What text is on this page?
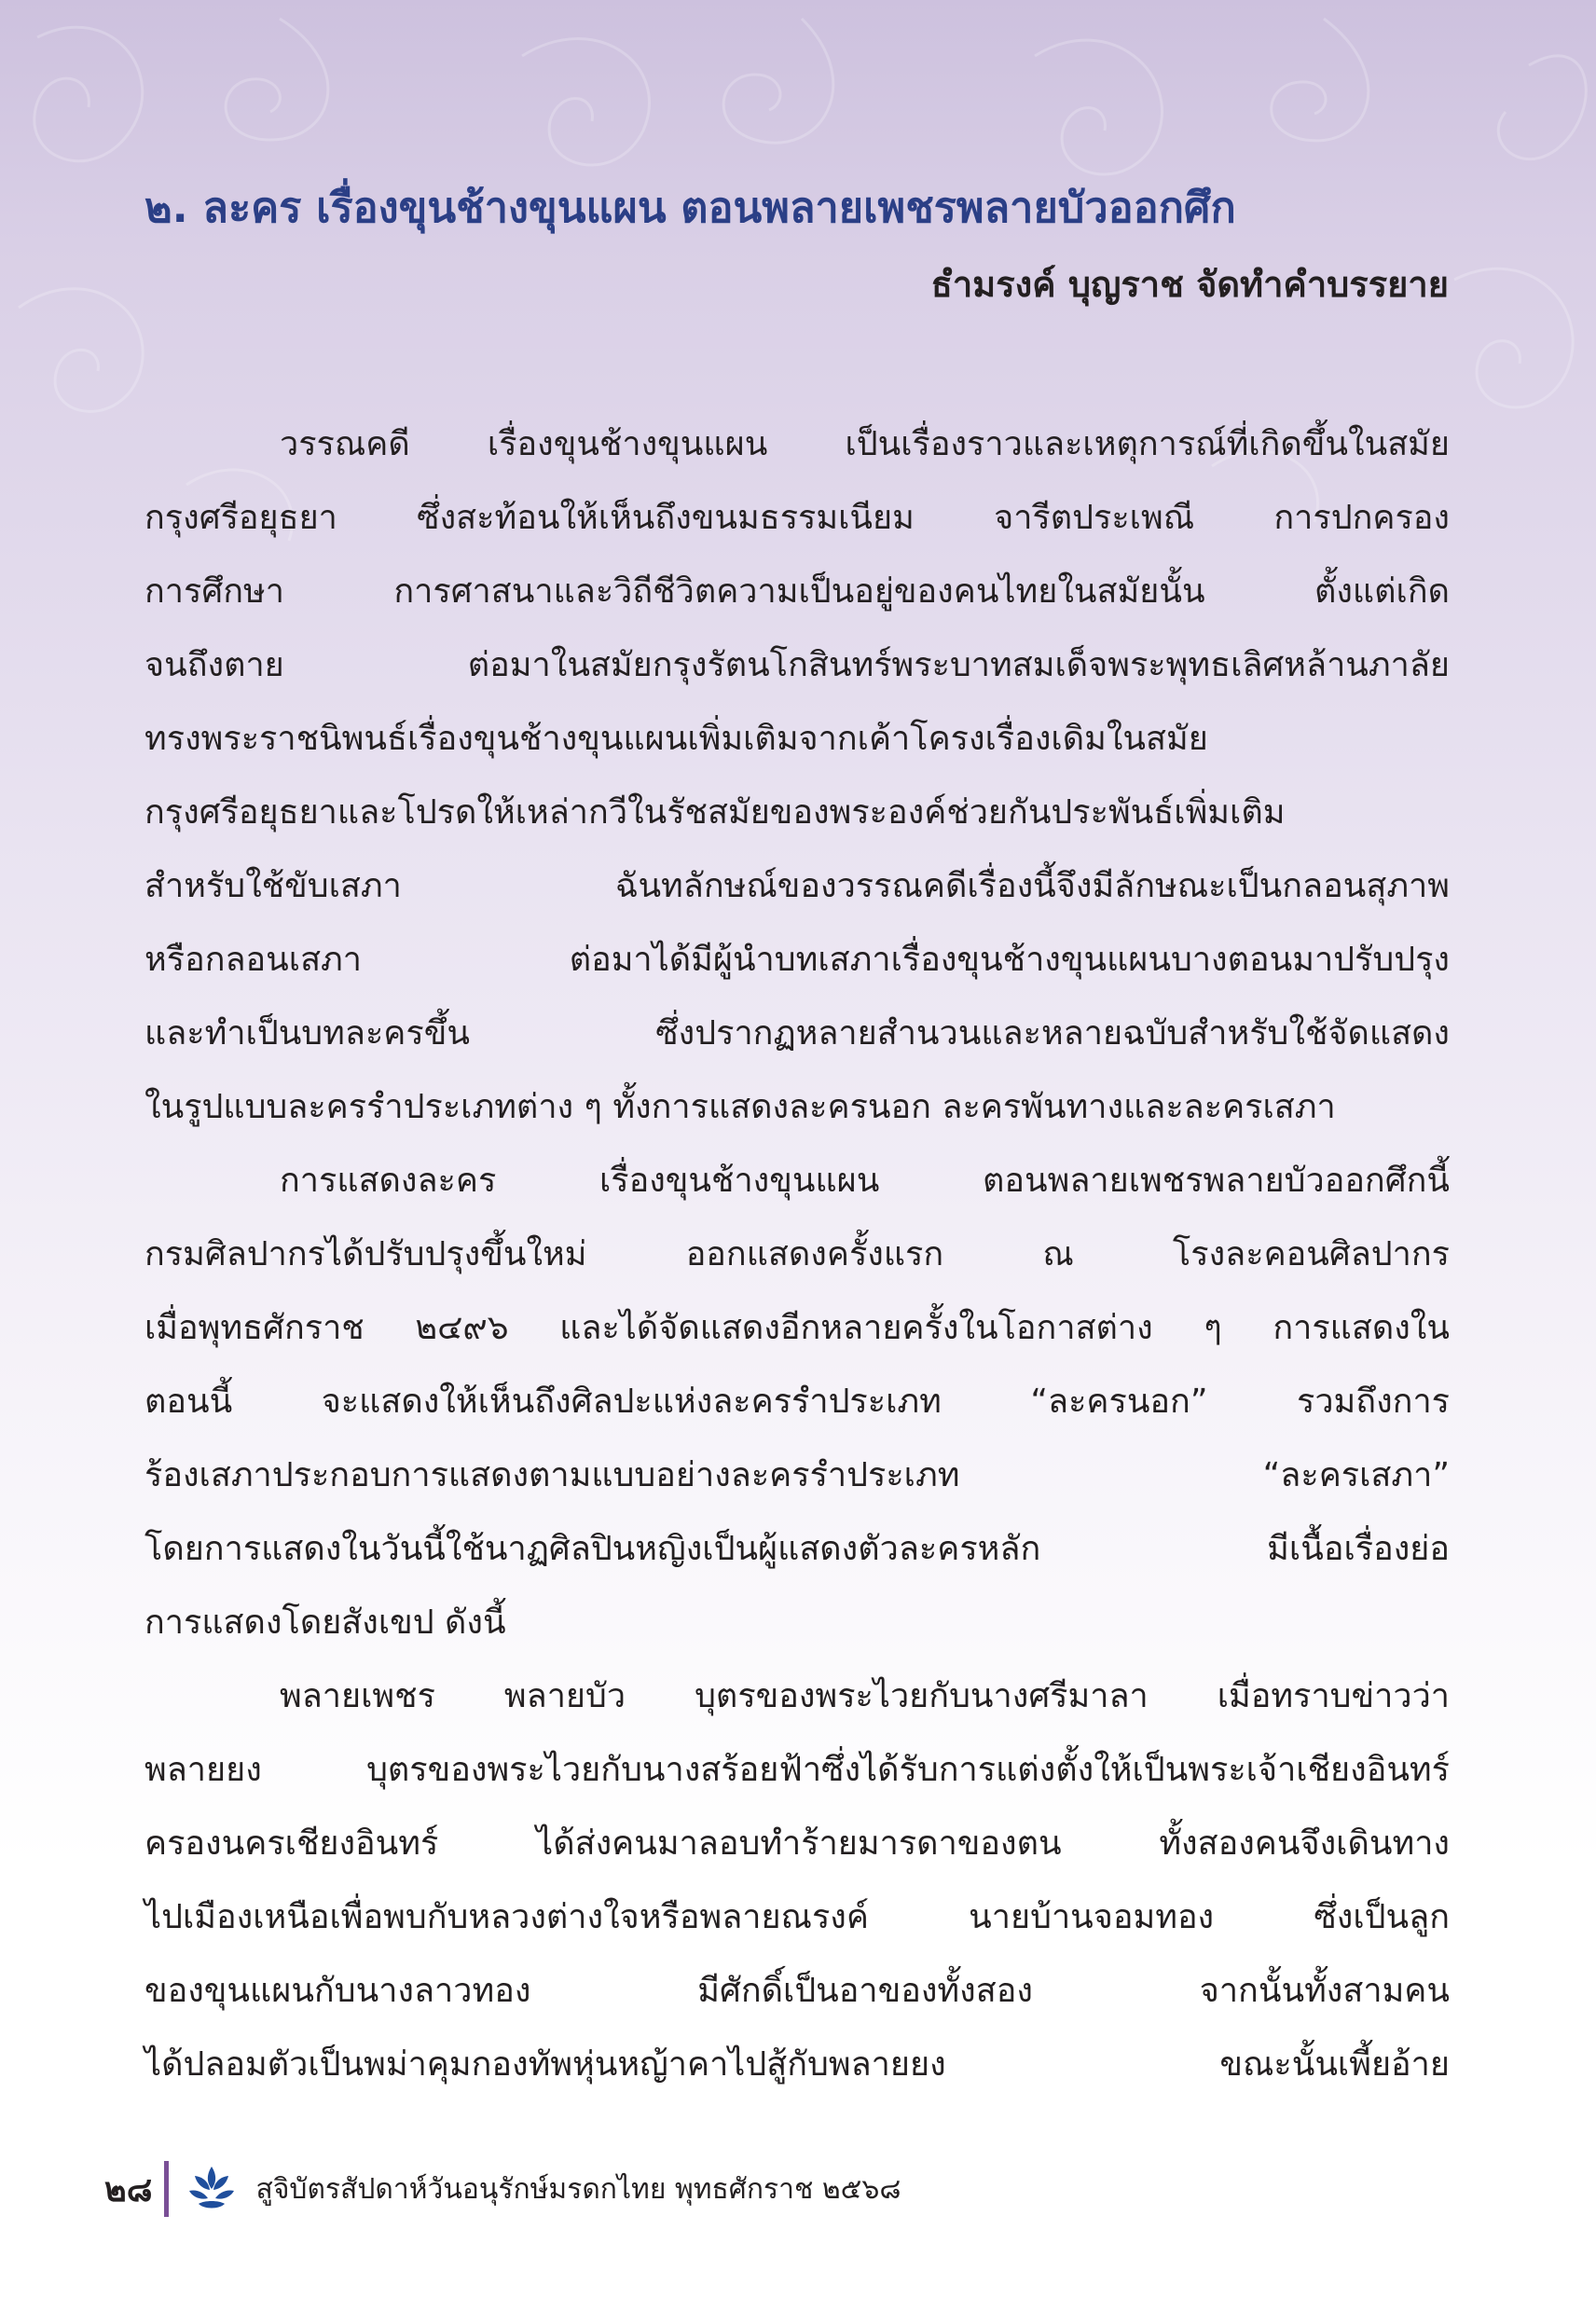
๒. ละคร เรื่องขุนช้างขุนแผน ตอนพลายเพชรพลายบัวออกศึก

ธำมรงค์ บุญราช จัดทำคำบรรยาย

วรรณคดี เรื่องขุนช้างขุนแผน เป็นเรื่องราวและเหตุการณ์ที่เกิดขึ้นในสมัย
กรุงศรีอยุธยา ซึ่งสะท้อนให้เห็นถึงขนมธรรมเนียม จารีตประเพณี การปกครอง
การศึกษา การศาสนาและวิถีชีวิตความเป็นอยู่ของคนไทยในสมัยนั้น ตั้งแต่เกิด
จนถึงตาย ต่อมาในสมัยกรุงรัตนโกสินทร์พระบาทสมเด็จพระพุทธเลิศหล้านภาลัย
ทรงพระราชนิพนธ์เรื่องขุนช้างขุนแผนเพิ่มเติมจากเค้าโครงเรื่องเดิมในสมัย
กรุงศรีอยุธยาและโปรดให้เหล่ากวีในรัชสมัยของพระองค์ช่วยกันประพันธ์เพิ่มเติม
สำหรับใช้ขับเสภา ฉันทลักษณ์ของวรรณคดีเรื่องนี้จึงมีลักษณะเป็นกลอนสุภาพ
หรือกลอนเสภา ต่อมาได้มีผู้นำบทเสภาเรื่องขุนช้างขุนแผนบางตอนมาปรับปรุง
และทำเป็นบทละครขึ้น ซึ่งปรากฏหลายสำนวนและหลายฉบับสำหรับใช้จัดแสดง
ในรูปแบบละครรำประเภทต่าง ๆ ทั้งการแสดงละครนอก ละครพันทางและละครเสภา
การแสดงละคร เรื่องขุนช้างขุนแผน ตอนพลายเพชรพลายบัวออกศึกนี้
กรมศิลปากรได้ปรับปรุงขึ้นใหม่ ออกแสดงครั้งแรก ณ โรงละคอนศิลปากร
เมื่อพุทธศักราช ๒๔๙๖ และได้จัดแสดงอีกหลายครั้งในโอกาสต่าง ๆ การแสดงใน
ตอนนี้ จะแสดงให้เห็นถึงศิลปะแห่งละครรำประเภท “ละครนอก” รวมถึงการ
ร้องเสภาประกอบการแสดงตามแบบอย่างละครรำประเภท “ละครเสภา”
โดยการแสดงในวันนี้ใช้นาฏศิลปินหญิงเป็นผู้แสดงตัวละครหลัก มีเนื้อเรื่องย่อ
การแสดงโดยสังเขป ดังนี้
พลายเพชร พลายบัว บุตรของพระไวยกับนางศรีมาลา เมื่อทราบข่าวว่า
พลายยง บุตรของพระไวยกับนางสร้อยฟ้าซึ่งได้รับการแต่งตั้งให้เป็นพระเจ้าเชียงอินทร์
ครองนครเชียงอินทร์ ได้ส่งคนมาลอบทำร้ายมารดาของตน ทั้งสองคนจึงเดินทาง
ไปเมืองเหนือเพื่อพบกับหลวงต่างใจหรือพลายณรงค์ นายบ้านจอมทอง ซึ่งเป็นลูก
ของขุนแผนกับนางลาวทอง มีศักดิ์เป็นอาของทั้งสอง จากนั้นทั้งสามคน
ได้ปลอมตัวเป็นพม่าคุมกองทัพหุ่นหญ้าคาไปสู้กับพลายยง ขณะนั้นเพี้ยอ้าย
๒๘	สูจิบัตรสัปดาห์วันอนุรักษ์มรดกไทย พุทธศักราช ๒๕๖๘
